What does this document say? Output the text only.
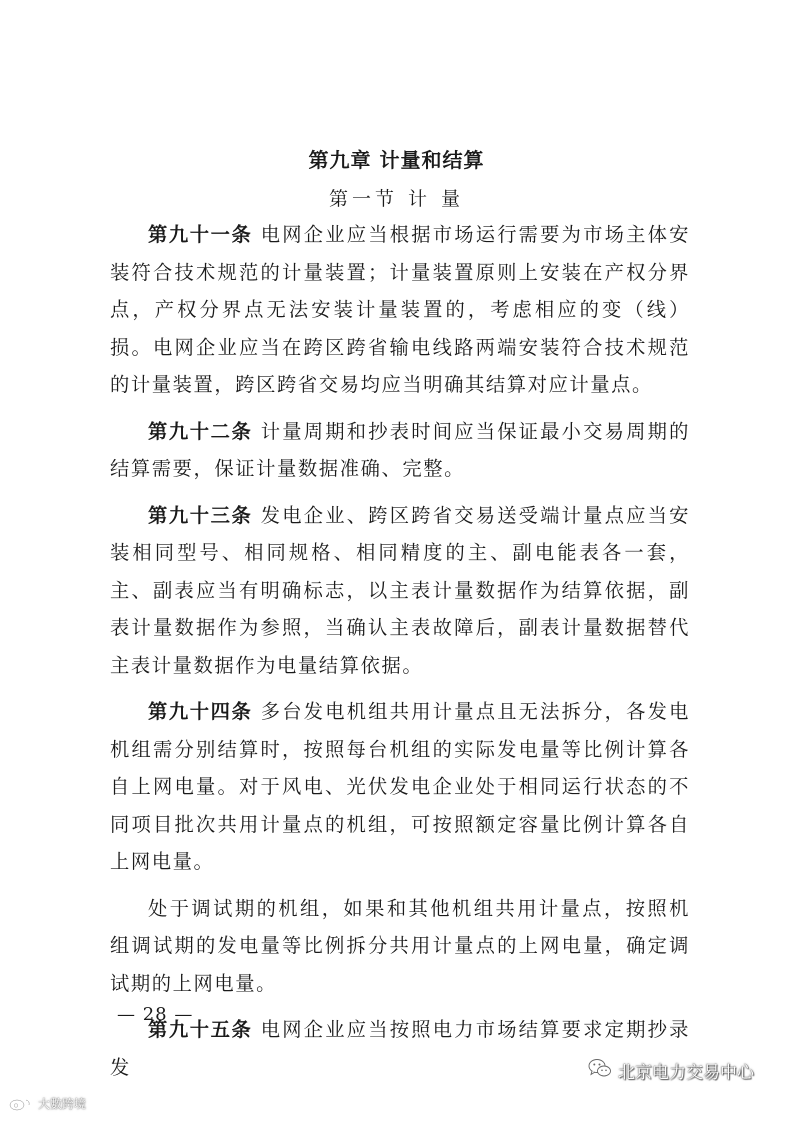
第九章 计量和结算
第一节 计 量

第九十一条 电网企业应当根据市场运行需要为市场主体安装符合技术规范的计量装置；计量装置原则上安装在产权分界点，产权分界点无法安装计量装置的，考虑相应的变（线）损。电网企业应当在跨区跨省输电线路两端安装符合技术规范的计量装置，跨区跨省交易均应当明确其结算对应计量点。

第九十二条 计量周期和抄表时间应当保证最小交易周期的结算需要，保证计量数据准确、完整。

第九十三条 发电企业、跨区跨省交易送受端计量点应当安装相同型号、相同规格、相同精度的主、副电能表各一套，主、副表应当有明确标志，以主表计量数据作为结算依据，副表计量数据作为参照，当确认主表故障后，副表计量数据替代主表计量数据作为电量结算依据。

第九十四条 多台发电机组共用计量点且无法拆分，各发电机组需分别结算时，按照每台机组的实际发电量等比例计算各自上网电量。对于风电、光伏发电企业处于相同运行状态的不同项目批次共用计量点的机组，可按照额定容量比例计算各自上网电量。

处于调试期的机组，如果和其他机组共用计量点，按照机组调试期的发电量等比例拆分共用计量点的上网电量，确定调试期的上网电量。

第九十五条 电网企业应当按照电力市场结算要求定期抄录发

— 28 —
大數跨境
北京电力交易中心
